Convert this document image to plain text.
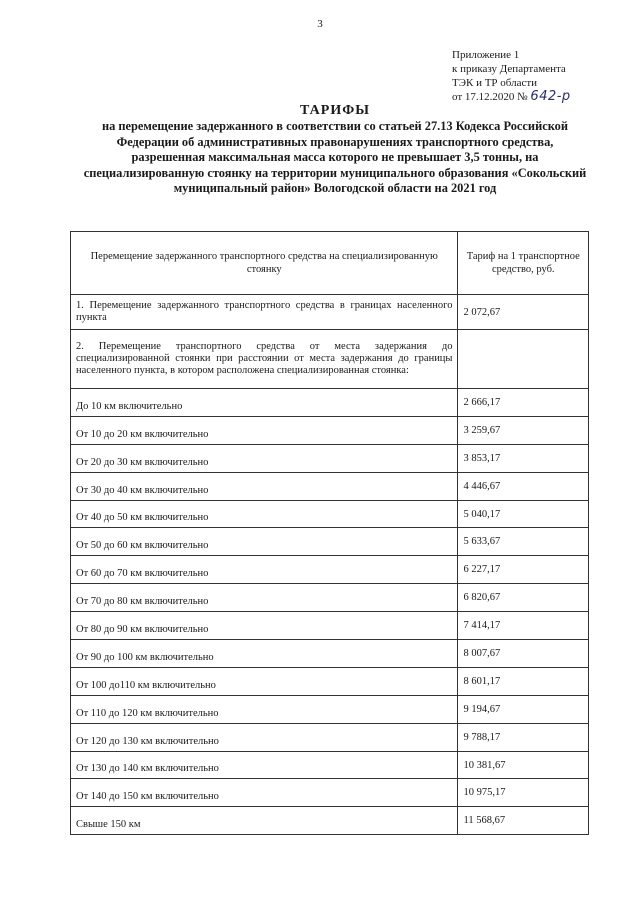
3
Приложение 1
к приказу Департамента
ТЭК и ТР области
от 17.12.2020 № 642-р
ТАРИФЫ
на перемещение задержанного в соответствии со статьей 27.13 Кодекса Российской Федерации об административных правонарушениях транспортного средства, разрешенная максимальная масса которого не превышает 3,5 тонны, на специализированную стоянку на территории муниципального образования «Сокольский муниципальный район» Вологодской области на 2021 год
Перемещение задержанного транспортного средства на специализированную стоянку	Тариф на 1 транспортное средство, руб.
1. Перемещение задержанного транспортного средства в границах населенного пункта	2 072,67
2. Перемещение транспортного средства от места задержания до специализированной стоянки при расстоянии от места задержания до границы населенного пункта, в котором расположена специализированная стоянка:	
До 10 км включительно	2 666,17
От 10 до 20 км включительно	3 259,67
От 20 до 30 км включительно	3 853,17
От 30 до 40 км включительно	4 446,67
От 40 до 50 км включительно	5 040,17
От 50 до 60 км включительно	5 633,67
От 60 до 70 км включительно	6 227,17
От 70 до 80 км включительно	6 820,67
От 80 до 90 км включительно	7 414,17
От 90 до 100 км включительно	8 007,67
От 100 до110 км включительно	8 601,17
От 110 до 120 км включительно	9 194,67
От 120 до 130 км включительно	9 788,17
От 130 до 140 км включительно	10 381,67
От 140 до 150 км включительно	10 975,17
Свыше 150 км	11 568,67
